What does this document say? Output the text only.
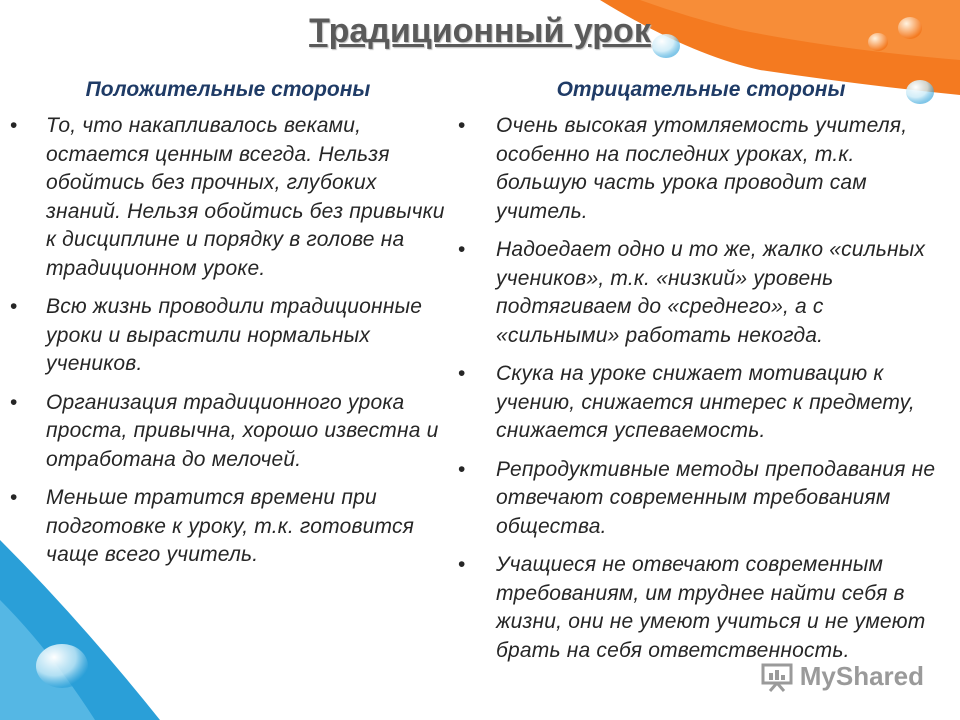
Традиционный урок
Положительные стороны
• То, что накапливалось веками, остается ценным всегда. Нельзя обойтись без прочных, глубоких знаний. Нельзя обойтись без привычки к дисциплине и порядку в голове на традиционном уроке.
• Всю жизнь проводили традиционные уроки и вырастили нормальных учеников.
• Организация традиционного урока проста, привычна, хорошо известна и отработана до мелочей.
• Меньше тратится времени при подготовке к уроку, т.к. готовится чаще всего учитель.
Отрицательные стороны
• Очень высокая утомляемость учителя, особенно на последних уроках, т.к. большую часть урока проводит сам учитель.
• Надоедает одно и то же, жалко «сильных учеников», т.к. «низкий» уровень подтягиваем до «среднего», а с «сильными» работать некогда.
• Скука на уроке снижает мотивацию к учению, снижается интерес к предмету, снижается успеваемость.
• Репродуктивные методы преподавания не отвечают современным требованиям общества.
• Учащиеся не отвечают современным требованиям, им труднее найти себя в жизни, они не умеют учиться и не умеют брать на себя ответственность.
MyShared
